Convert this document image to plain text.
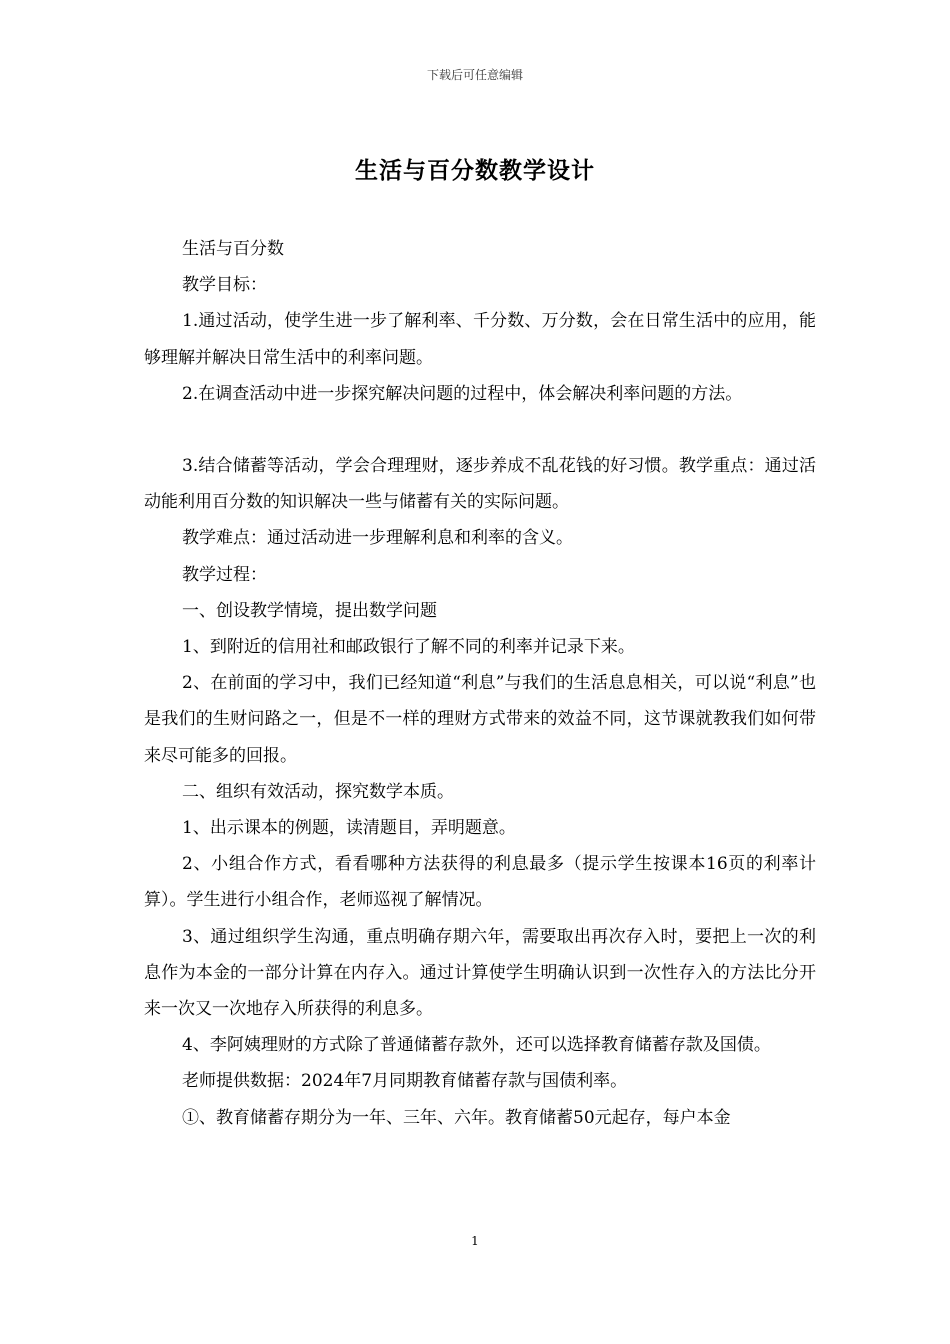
下载后可任意编辑
生活与百分数教学设计

生活与百分数

教学目标：

1.通过活动，使学生进一步了解利率、千分数、万分数，会在日常生活中的应用，能够理解并解决日常生活中的利率问题。

2.在调查活动中进一步探究解决问题的过程中，体会解决利率问题的方法。

3.结合储蓄等活动，学会合理理财，逐步养成不乱花钱的好习惯。教学重点：通过活动能利用百分数的知识解决一些与储蓄有关的实际问题。

教学难点：通过活动进一步理解利息和利率的含义。

教学过程：

一、创设教学情境，提出数学问题

1、到附近的信用社和邮政银行了解不同的利率并记录下来。

2、在前面的学习中，我们已经知道“利息”与我们的生活息息相关，可以说“利息”也是我们的生财问路之一，但是不一样的理财方式带来的效益不同，这节课就教我们如何带来尽可能多的回报。

二、组织有效活动，探究数学本质。

1、出示课本的例题，读清题目，弄明题意。

2、小组合作方式，看看哪种方法获得的利息最多（提示学生按课本16页的利率计算）。学生进行小组合作，老师巡视了解情况。

3、通过组织学生沟通，重点明确存期六年，需要取出再次存入时，要把上一次的利息作为本金的一部分计算在内存入。通过计算使学生明确认识到一次性存入的方法比分开来一次又一次地存入所获得的利息多。

4、李阿姨理财的方式除了普通储蓄存款外，还可以选择教育储蓄存款及国债。

老师提供数据：2024年7月同期教育储蓄存款与国债利率。

①、教育储蓄存期分为一年、三年、六年。教育储蓄50元起存，每户本金

1
